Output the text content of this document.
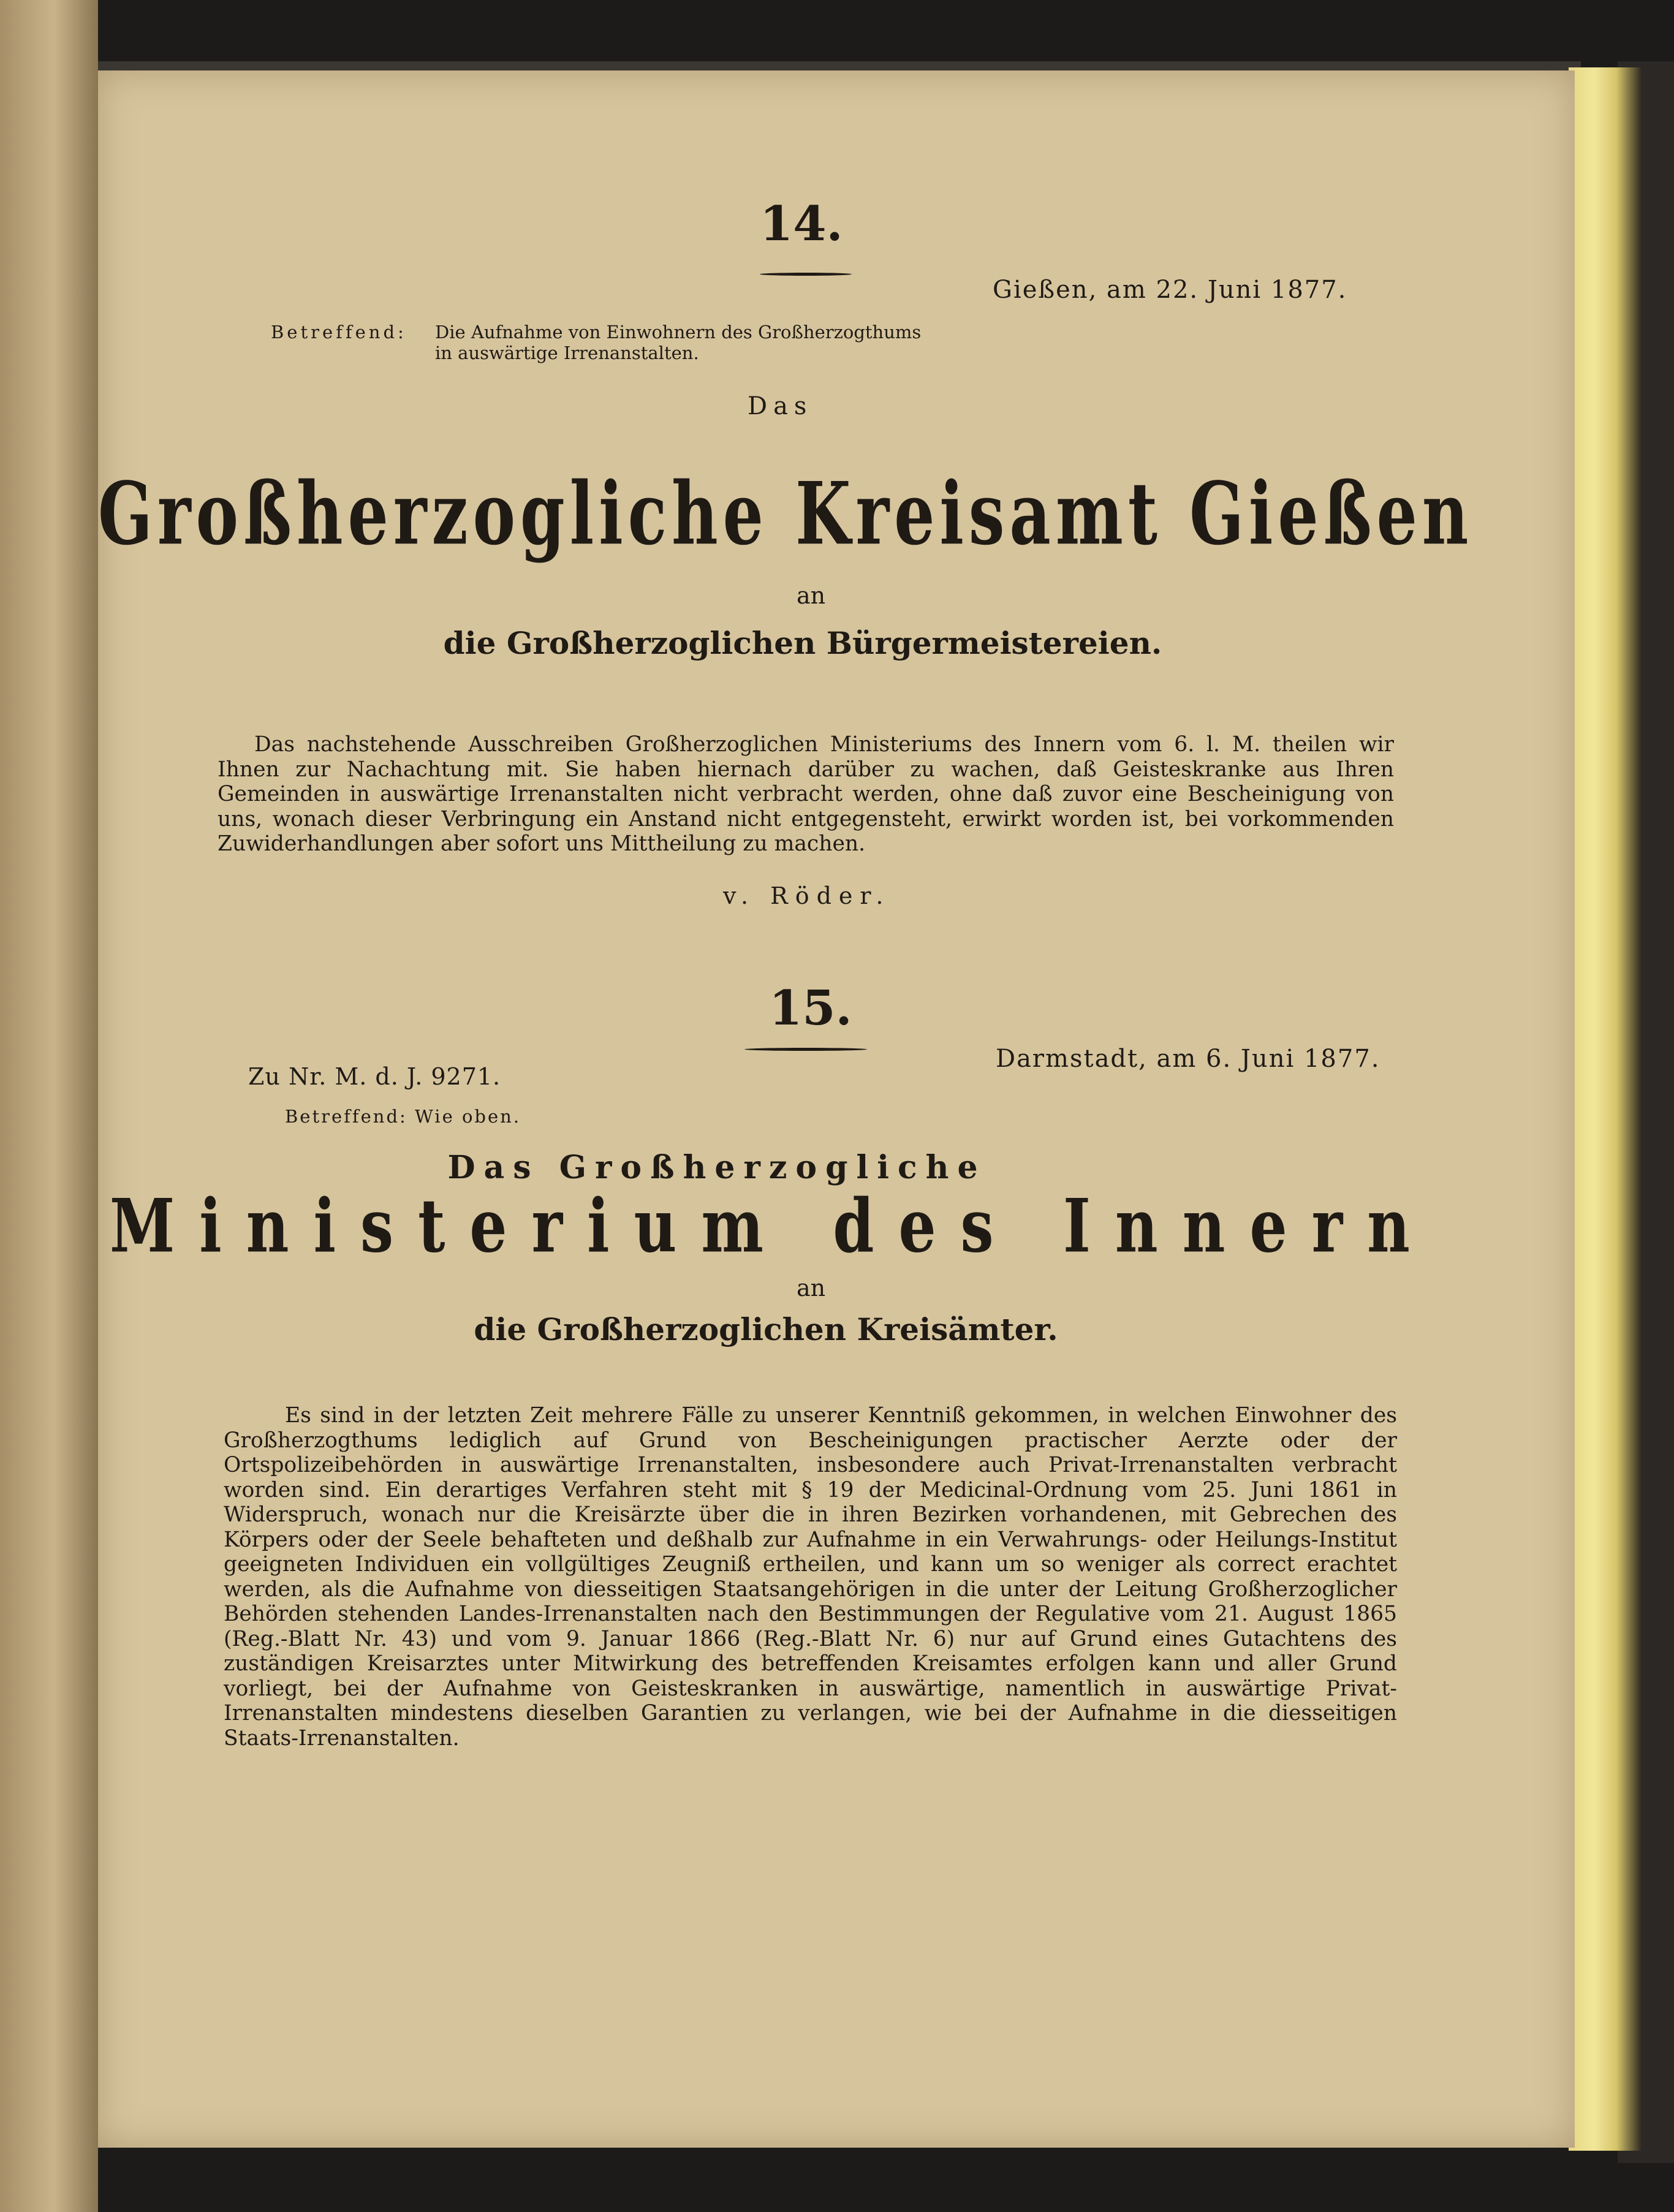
14.

Gießen, am 22. Juni 1877.

Betreffend: Die Aufnahme von Einwohnern des Großherzogthums in auswärtige Irrenanstalten.

Das

Großherzogliche Kreisamt Gießen

an

die Großherzoglichen Bürgermeistereien.

Das nachstehende Ausschreiben Großherzoglichen Ministeriums des Innern vom 6. l. M. theilen wir Ihnen zur Nachachtung mit. Sie haben hiernach darüber zu wachen, daß Geisteskranke aus Ihren Gemeinden in auswärtige Irrenanstalten nicht verbracht werden, ohne daß zuvor eine Bescheinigung von uns, wonach dieser Verbringung ein Anstand nicht entgegensteht, erwirkt worden ist, bei vorkommenden Zuwiderhandlungen aber sofort uns Mittheilung zu machen.

v. Röder.

15.

Zu Nr. M. d. J. 9271.

Darmstadt, am 6. Juni 1877.

Betreffend: Wie oben.

Das Großherzogliche

Ministerium des Innern

an

die Großherzoglichen Kreisämter.

Es sind in der letzten Zeit mehrere Fälle zu unserer Kenntniß gekommen, in welchen Einwohner des Großherzogthums lediglich auf Grund von Bescheinigungen practischer Aerzte oder der Ortspolizeibehörden in auswärtige Irrenanstalten, insbesondere auch Privat-Irrenanstalten verbracht worden sind. Ein derartiges Verfahren steht mit § 19 der Medicinal-Ordnung vom 25. Juni 1861 in Widerspruch, wonach nur die Kreisärzte über die in ihren Bezirken vorhandenen, mit Gebrechen des Körpers oder der Seele behafteten und deßhalb zur Aufnahme in ein Verwahrungs- oder Heilungs-Institut geeigneten Individuen ein vollgültiges Zeugniß ertheilen, und kann um so weniger als correct erachtet werden, als die Aufnahme von diesseitigen Staatsangehörigen in die unter der Leitung Großherzoglicher Behörden stehenden Landes-Irrenanstalten nach den Bestimmungen der Regulative vom 21. August 1865 (Reg.-Blatt Nr. 43) und vom 9. Januar 1866 (Reg.-Blatt Nr. 6) nur auf Grund eines Gutachtens des zuständigen Kreisarztes unter Mitwirkung des betreffenden Kreisamtes erfolgen kann und aller Grund vorliegt, bei der Aufnahme von Geisteskranken in auswärtige, namentlich in auswärtige Privat-Irrenanstalten mindestens dieselben Garantien zu verlangen, wie bei der Aufnahme in die diesseitigen Staats-Irrenanstalten.
